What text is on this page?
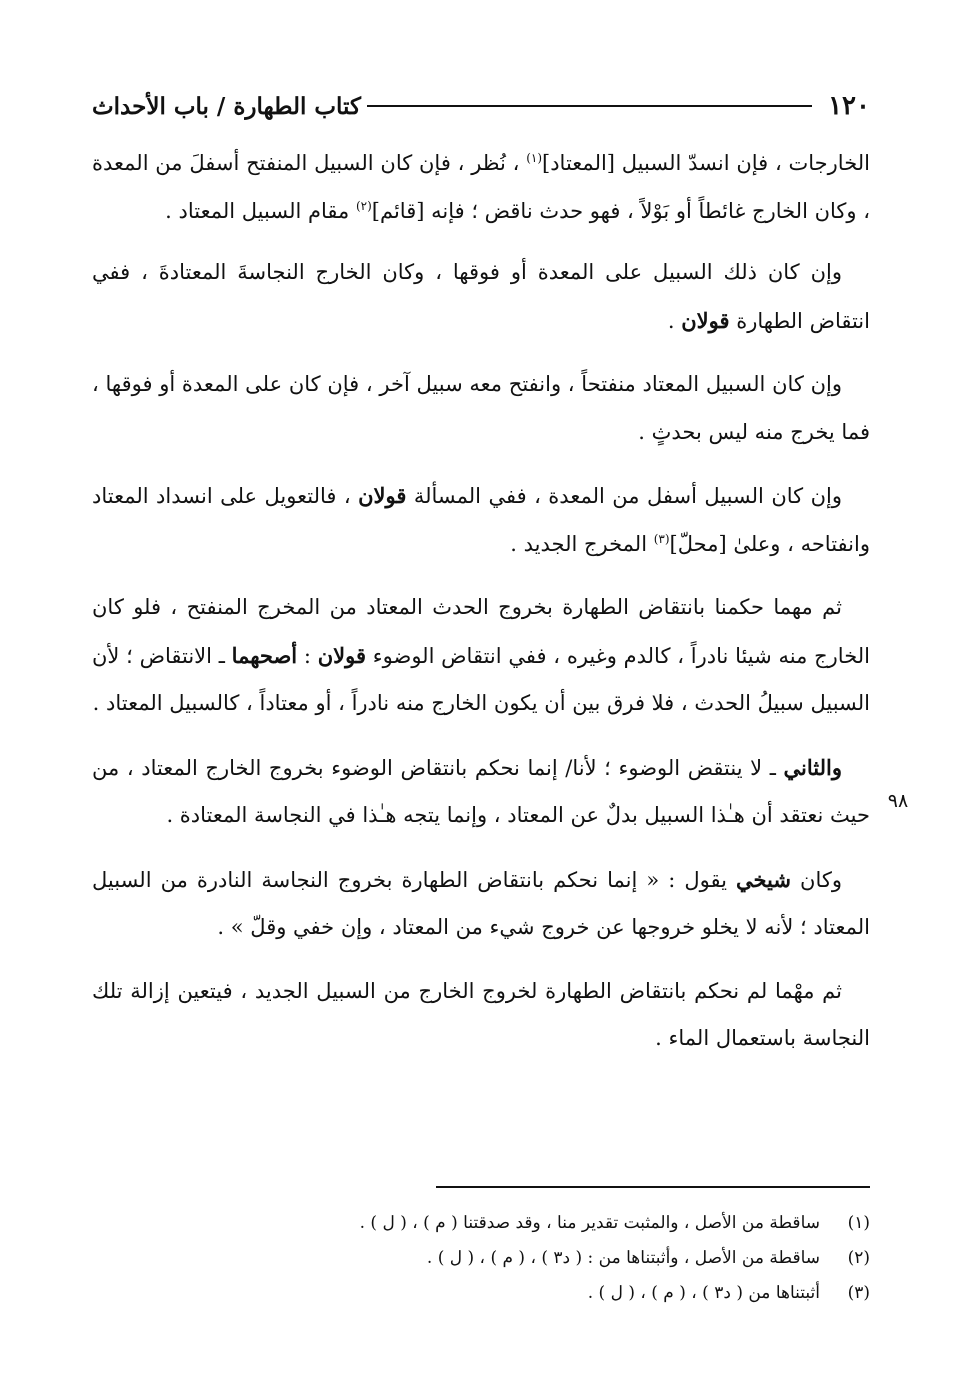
١٢٠
كتاب الطهارة / باب الأحداث
٩٨

الخارجات ، فإن انسدّ السبيل [المعتاد]$^{(١)}$ ، نُظر ، فإن كان السبيل المنفتح أسفلَ من المعدة ، وكان الخارج غائطاً أو بَوْلاً ، فهو حدث ناقض ؛ فإنه [قائم]$^{(٢)}$ مقام السبيل المعتاد .

وإن كان ذلك السبيل على المعدة أو فوقها ، وكان الخارج النجاسةَ المعتادةَ ، ففي انتقاض الطهارة قولان .

وإن كان السبيل المعتاد منفتحاً ، وانفتح معه سبيل آخر ، فإن كان على المعدة أو فوقها ، فما يخرج منه ليس بحدثٍ .

وإن كان السبيل أسفل من المعدة ، ففي المسألة قولان ، فالتعويل على انسداد المعتاد وانفتاحه ، وعلىٰ [محلّ]$^{(٣)}$ المخرج الجديد .

ثم مهما حكمنا بانتقاض الطهارة بخروج الحدث المعتاد من المخرج المنفتح ، فلو كان الخارج منه شيئا نادراً ، كالدم وغيره ، ففي انتقاض الوضوء قولان : أصحهما ـ الانتقاض ؛ لأن السبيل سبيلُ الحدث ، فلا فرق بين أن يكون الخارج منه نادراً ، أو معتاداً ، كالسبيل المعتاد .

والثاني ـ لا ينتقض الوضوء ؛ لأنا/ إنما نحكم بانتقاض الوضوء بخروج الخارج المعتاد ، من حيث نعتقد أن هـٰذا السبيل بدلٌ عن المعتاد ، وإنما يتجه هـٰذا في النجاسة المعتادة .

وكان شيخي يقول : « إنما نحكم بانتقاض الطهارة بخروج النجاسة النادرة من السبيل المعتاد ؛ لأنه لا يخلو خروجها عن خروج شيء من المعتاد ، وإن خفي وقلّ » .

ثم مهْما لم نحكم بانتقاض الطهارة لخروج الخارج من السبيل الجديد ، فيتعين إزالة تلك النجاسة باستعمال الماء .

(١)
ساقطة من الأصل ، والمثبت تقدير منا ، وقد صدقتنا ( م ) ، ( ل ) .
(٢)
ساقطة من الأصل ، وأثبتناها من : ( د٣ ) ، ( م ) ، ( ل ) .
(٣)
أثبتناها من ( د٣ ) ، ( م ) ، ( ل ) .
